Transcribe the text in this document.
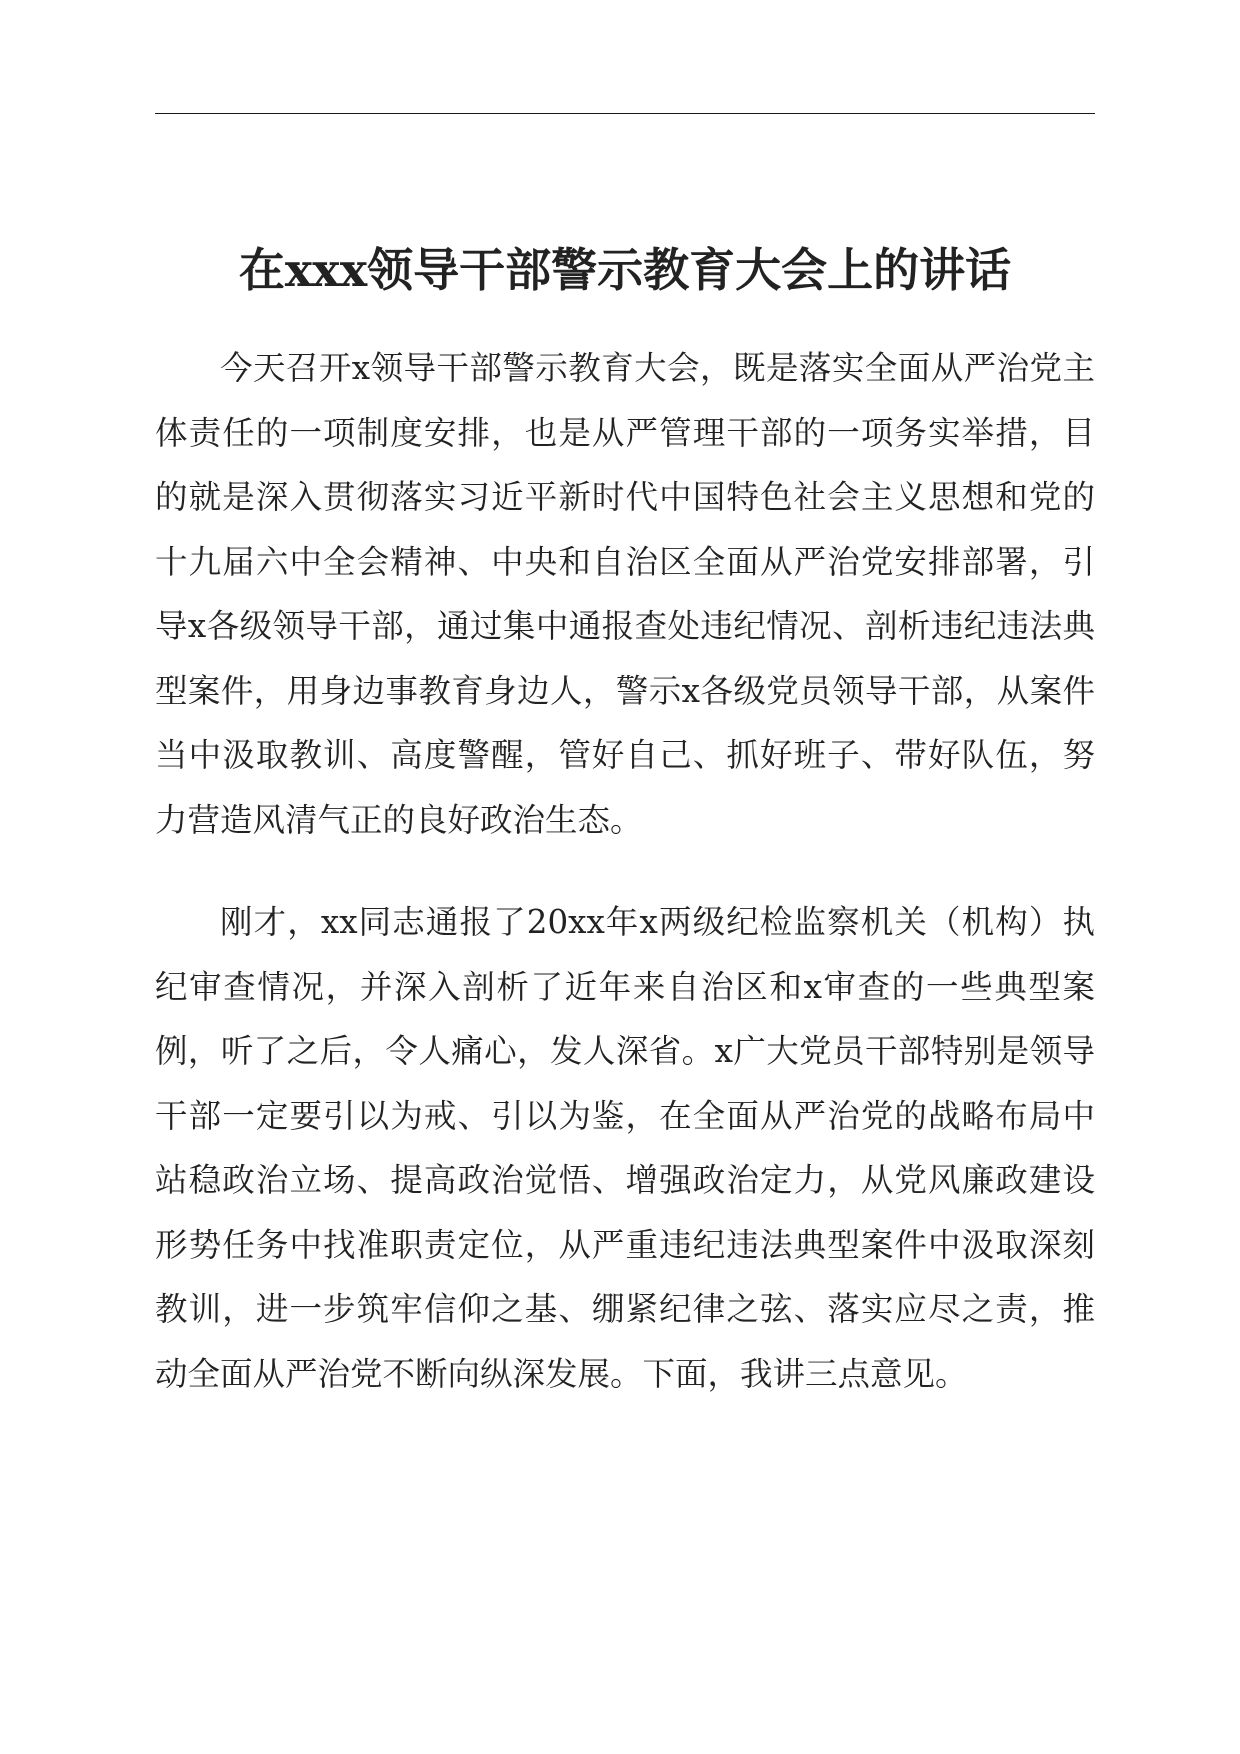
在xxx领导干部警示教育大会上的讲话

今天召开x领导干部警示教育大会，既是落实全面从严治党主体责任的一项制度安排，也是从严管理干部的一项务实举措，目的就是深入贯彻落实习近平新时代中国特色社会主义思想和党的十九届六中全会精神、中央和自治区全面从严治党安排部署，引导x各级领导干部，通过集中通报查处违纪情况、剖析违纪违法典型案件，用身边事教育身边人，警示x各级党员领导干部，从案件当中汲取教训、高度警醒，管好自己、抓好班子、带好队伍，努力营造风清气正的良好政治生态。

刚才，xx同志通报了20xx年x两级纪检监察机关（机构）执纪审查情况，并深入剖析了近年来自治区和x审查的一些典型案例，听了之后，令人痛心，发人深省。x广大党员干部特别是领导干部一定要引以为戒、引以为鉴，在全面从严治党的战略布局中站稳政治立场、提高政治觉悟、增强政治定力，从党风廉政建设形势任务中找准职责定位，从严重违纪违法典型案件中汲取深刻教训，进一步筑牢信仰之基、绷紧纪律之弦、落实应尽之责，推动全面从严治党不断向纵深发展。下面，我讲三点意见。
